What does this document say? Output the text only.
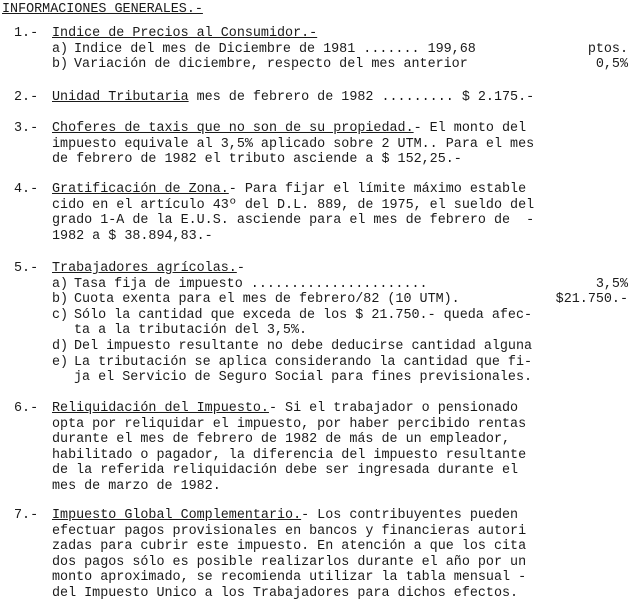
INFORMACIONES GENERALES.-
1.- Indice de Precios al Consumidor.-
a) Indice del mes de Diciembre de 1981 ....... 199,68	ptos.
b) Variación de diciembre, respecto del mes anterior	0,5%
2.- Unidad Tributaria mes de febrero de 1982 ......... $ 2.175.-
3.- Choferes de taxis que no son de su propiedad.- El monto del
impuesto equivale al 3,5% aplicado sobre 2 UTM.. Para el mes
de febrero de 1982 el tributo asciende a $ 152,25.-
4.- Gratificación de Zona.- Para fijar el límite máximo estable
cido en el artículo 43º del D.L. 889, de 1975, el sueldo del
grado 1-A de la E.U.S. asciende para el mes de febrero de  -
1982 a $ 38.894,83.-
5.- Trabajadores agrícolas.-
a) Tasa fija de impuesto ......................	3,5%
b) Cuota exenta para el mes de febrero/82 (10 UTM).	$21.750.-
c) Sólo la cantidad que exceda de los $ 21.750.- queda afec-
ta a la tributación del 3,5%.
d) Del impuesto resultante no debe deducirse cantidad alguna
e) La tributación se aplica considerando la cantidad que fi-
ja el Servicio de Seguro Social para fines previsionales.
6.- Reliquidación del Impuesto.- Si el trabajador o pensionado
opta por reliquidar el impuesto, por haber percibido rentas
durante el mes de febrero de 1982 de más de un empleador,
habilitado o pagador, la diferencia del impuesto resultante
de la referida reliquidación debe ser ingresada durante el
mes de marzo de 1982.
7.- Impuesto Global Complementario.- Los contribuyentes pueden
efectuar pagos provisionales en bancos y financieras autori
zadas para cubrir este impuesto. En atención a que los cita
dos pagos sólo es posible realizarlos durante el año por un
monto aproximado, se recomienda utilizar la tabla mensual -
del Impuesto Unico a los Trabajadores para dichos efectos.
